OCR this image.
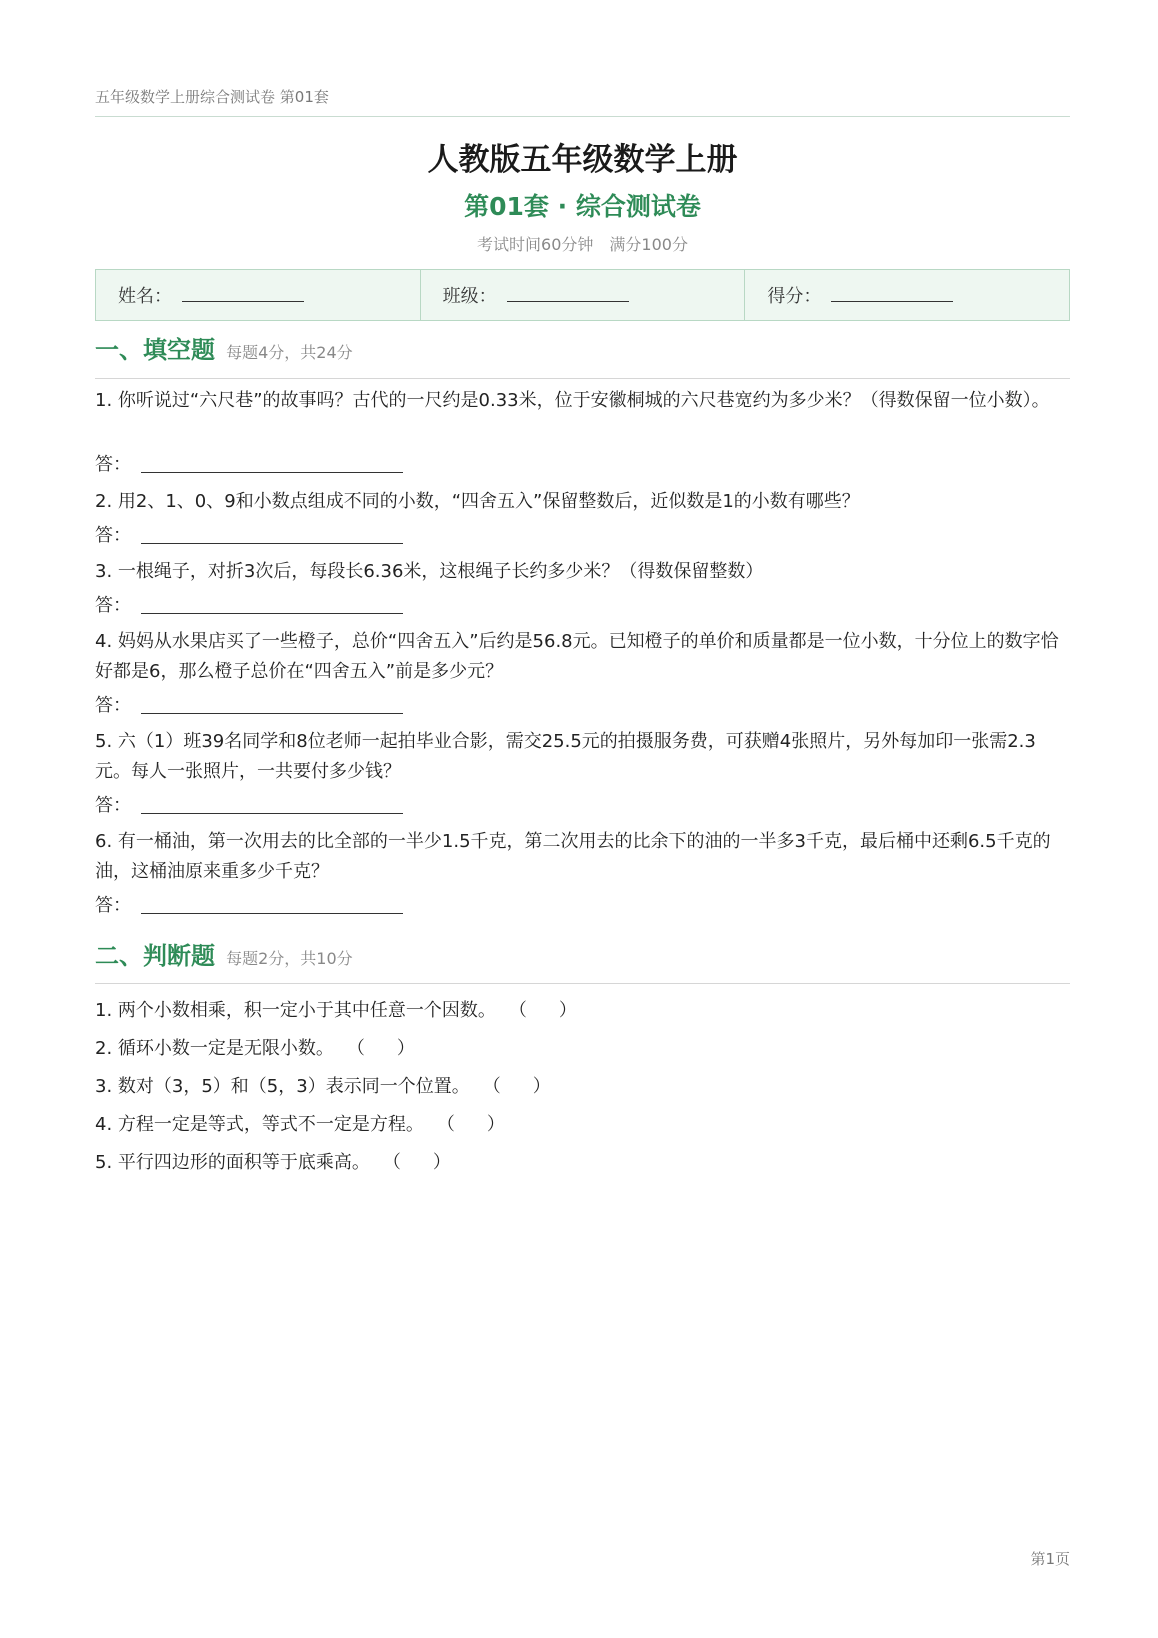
五年级数学上册综合测试卷 第01套
人教版五年级数学上册
第01套 · 综合测试卷
考试时间60分钟 满分100分
姓名：	班级：	得分：
一、填空题 每题4分，共24分
1. 你听说过“六尺巷”的故事吗？古代的一尺约是0.33米，位于安徽桐城的六尺巷宽约为多少米？（得数保留一位小数）。
答：
2. 用2、1、0、9和小数点组成不同的小数，“四舍五入”保留整数后，近似数是1的小数有哪些？
答：
3. 一根绳子，对折3次后，每段长6.36米，这根绳子长约多少米？（得数保留整数）
答：
4. 妈妈从水果店买了一些橙子，总价“四舍五入”后约是56.8元。已知橙子的单价和质量都是一位小数，十分位上的数字恰好都是6，那么橙子总价在“四舍五入”前是多少元？
答：
5. 六（1）班39名同学和8位老师一起拍毕业合影，需交25.5元的拍摄服务费，可获赠4张照片，另外每加印一张需2.3元。每人一张照片，一共要付多少钱？
答：
6. 有一桶油，第一次用去的比全部的一半少1.5千克，第二次用去的比余下的油的一半多3千克，最后桶中还剩6.5千克的油，这桶油原来重多少千克？
答：
二、判断题 每题2分，共10分
1. 两个小数相乘，积一定小于其中任意一个因数。 （ ）
2. 循环小数一定是无限小数。 （ ）
3. 数对（3，5）和（5，3）表示同一个位置。 （ ）
4. 方程一定是等式，等式不一定是方程。 （ ）
5. 平行四边形的面积等于底乘高。 （ ）
第1页
